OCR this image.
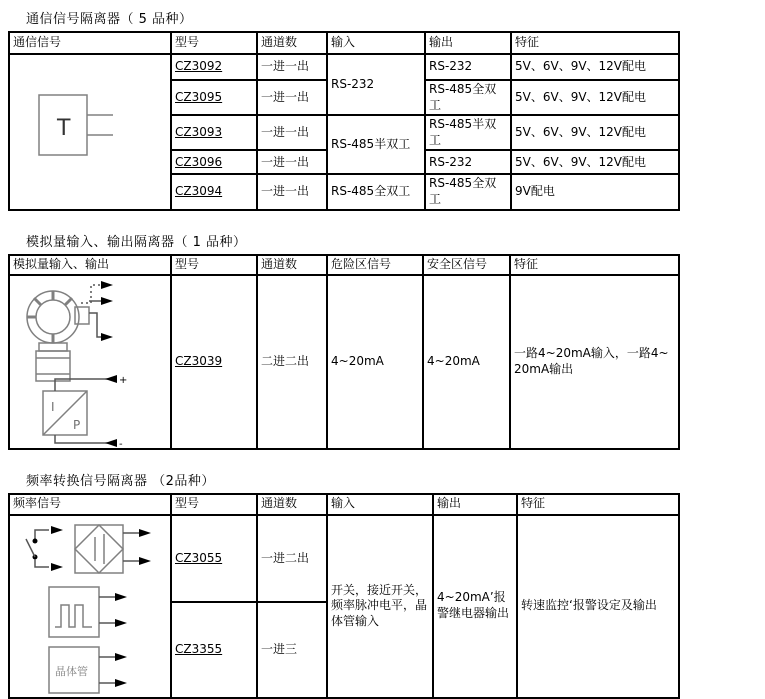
通信信号隔离器（ 5 品种）
通信信号	型号	通道数	输入	输出	特征

T	CZ3092	一进一出	RS-232	RS-232	5V、6V、9V、12V配电
	CZ3095	一进一出		RS-485全双工	5V、6V、9V、12V配电
	CZ3093	一进一出	RS-485半双工	RS-485半双工	5V、6V、9V、12V配电
	CZ3096	一进一出		RS-232	5V、6V、9V、12V配电
	CZ3094	一进一出	RS-485全双工	RS-485全双工	9V配电
模拟量输入、输出隔离器（ 1 品种）
模拟量输入、输出	型号	通道数	危险区信号	安全区信号	特征

I
P
+
-	CZ3039	二进二出	4~20mA	4~20mA	一路4~20mA输入，一路4~20mA输出
频率转换信号隔离器 （2品种）
频率信号	型号	通道数	输入	输出	特征

晶体管	CZ3055	一进二出	开关，接近开关，频率脉冲电平，晶体管输入	4~20mA’报警继电器输出	转速监控‘报警设定及输出
	CZ3355	一进三			
